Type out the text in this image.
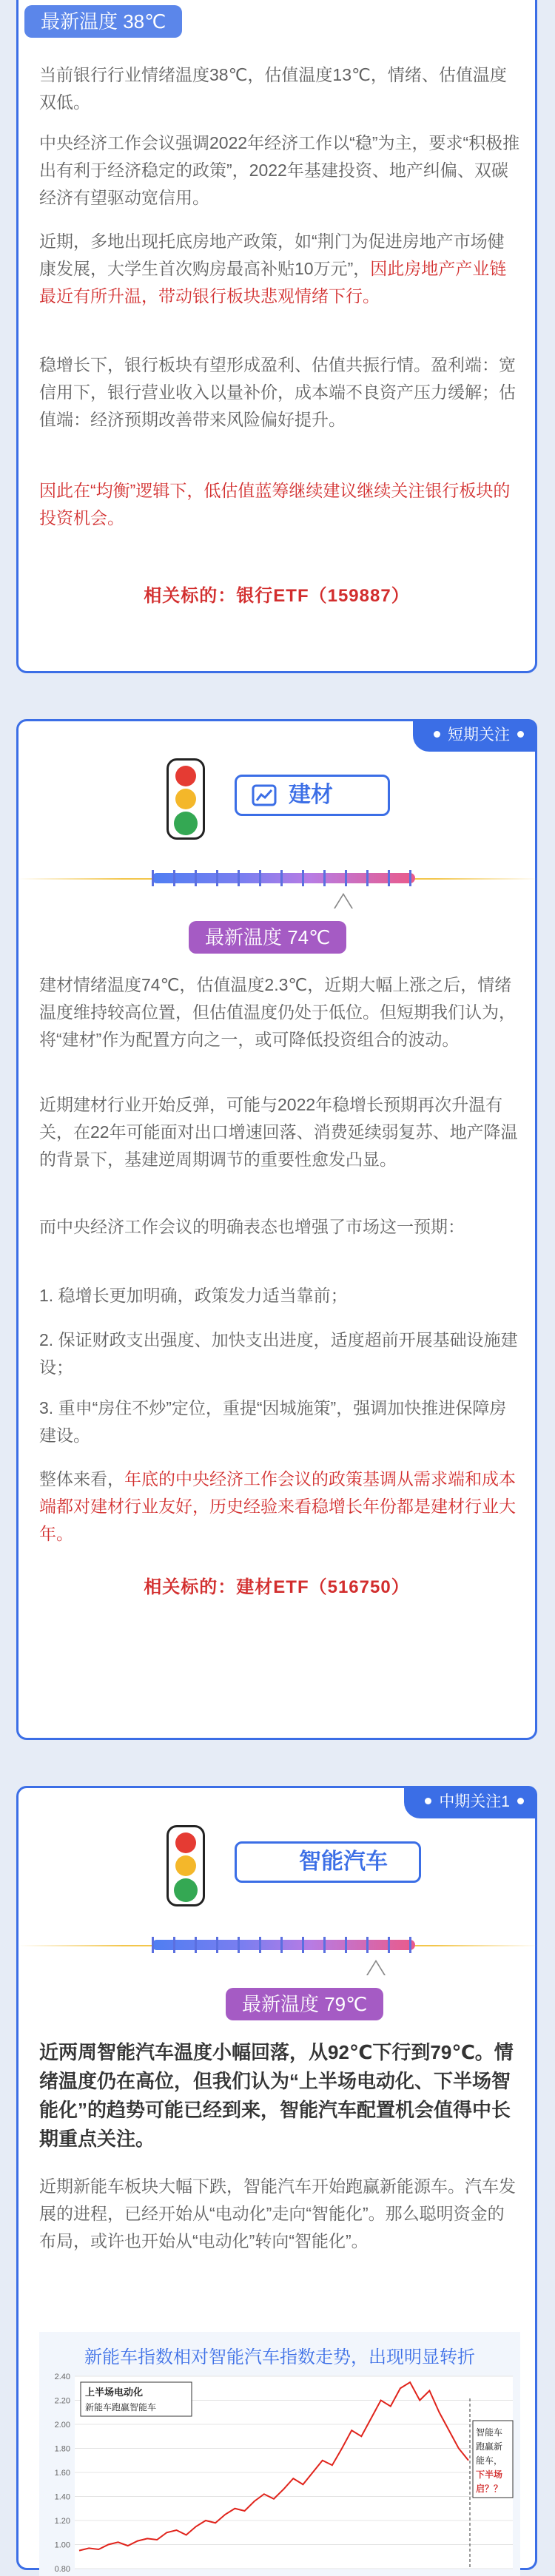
最新温度 38℃
当前银行行业情绪温度38℃，估值温度13℃，情绪、估值温度双低。
中央经济工作会议强调2022年经济工作以“稳”为主，要求“积极推出有利于经济稳定的政策”，2022年基建投资、地产纠偏、双碳经济有望驱动宽信用。
近期，多地出现托底房地产政策，如“荆门为促进房地产市场健康发展，大学生首次购房最高补贴10万元”，因此房地产产业链最近有所升温，带动银行板块悲观情绪下行。
稳增长下，银行板块有望形成盈利、估值共振行情。盈利端：宽信用下，银行营业收入以量补价，成本端不良资产压力缓解；估值端：经济预期改善带来风险偏好提升。
因此在“均衡”逻辑下，低估值蓝筹继续建议继续关注银行板块的投资机会。
相关标的：银行ETF（159887）
短期关注
建材
最新温度 74℃
建材情绪温度74℃，估值温度2.3℃，近期大幅上涨之后，情绪温度维持较高位置，但估值温度仍处于低位。但短期我们认为，将“建材”作为配置方向之一，或可降低投资组合的波动。
近期建材行业开始反弹，可能与2022年稳增长预期再次升温有关，在22年可能面对出口增速回落、消费延续弱复苏、地产降温的背景下，基建逆周期调节的重要性愈发凸显。
而中央经济工作会议的明确表态也增强了市场这一预期：
1. 稳增长更加明确，政策发力适当靠前；
2. 保证财政支出强度、加快支出进度，适度超前开展基础设施建设；
3. 重申“房住不炒”定位，重提“因城施策”，强调加快推进保障房建设。
整体来看，年底的中央经济工作会议的政策基调从需求端和成本端都对建材行业友好，历史经验来看稳增长年份都是建材行业大年。
相关标的：建材ETF（516750）
中期关注1
智能汽车
最新温度 79℃
近两周智能汽车温度小幅回落，从92℃下行到79℃。情绪温度仍在高位，但我们认为“上半场电动化、下半场智能化”的趋势可能已经到来，智能汽车配置机会值得中长期重点关注。
近期新能车板块大幅下跌，智能汽车开始跑赢新能源车。汽车发展的进程，已经开始从“电动化”走向“智能化”。那么聪明资金的布局，或许也开始从“电动化”转向“智能化”。
新能车指数相对智能汽车指数走势，出现明显转折
2.40
2.20
2.00
1.80
1.60
1.40
1.20
1.00
0.80
上半场电动化
新能车跑赢智能车
智能车
跑赢新
能车，
下半场
启？？
